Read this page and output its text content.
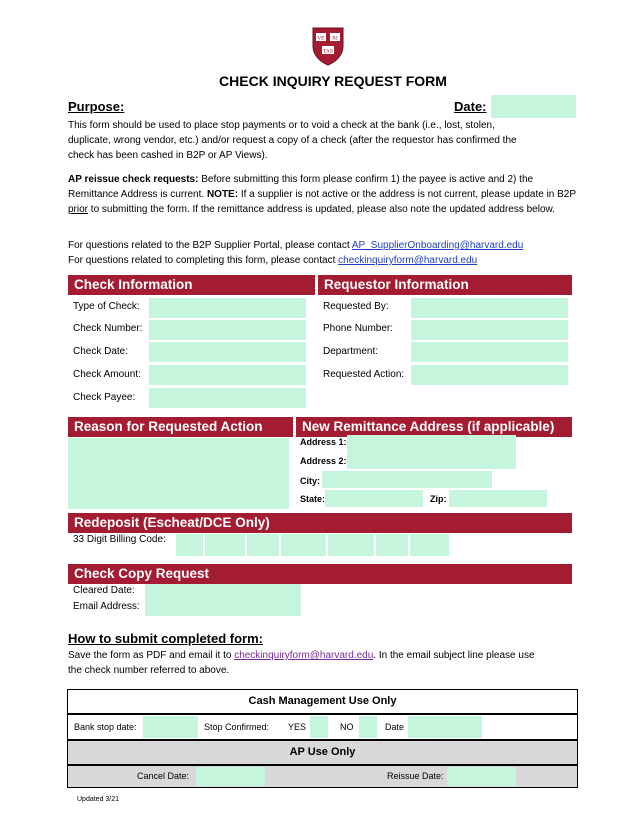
VE RI
TAS
CHECK INQUIRY REQUEST FORM
Purpose:	Date:
This form should be used to place stop payments or to void a check at the bank (i.e., lost, stolen, duplicate, wrong vendor, etc.) and/or request a copy of a check (after the requestor has confirmed the check has been cashed in B2P or AP Views).
AP reissue check requests: Before submitting this form please confirm 1) the payee is active and 2) the Remittance Address is current. NOTE: If a supplier is not active or the address is not current, please update in B2P prior to submitting the form. If the remittance address is updated, please also note the updated address below.
For questions related to the B2P Supplier Portal, please contact AP_SupplierOnboarding@harvard.edu
For questions related to completing this form, please contact checkinquiryform@harvard.edu
Check Information	Requestor Information
Type of Check:
Check Number:
Check Date:
Check Amount:
Check Payee:
Requested By:
Phone Number:
Department:
Requested Action:
Reason for Requested Action	New Remittance Address (if applicable)
Address 1:
Address 2:
City:
State:	Zip:
Redeposit (Escheat/DCE Only)
33 Digit Billing Code:
Check Copy Request
Cleared Date:
Email Address:
How to submit completed form:
Save the form as PDF and email it to checkinquiryform@harvard.edu. In the email subject line please use the check number referred to above.
Cash Management Use Only
Bank stop date:	Stop Confirmed: YES	NO	Date
AP Use Only
Cancel Date:	Reissue Date:
Updated 3/21
